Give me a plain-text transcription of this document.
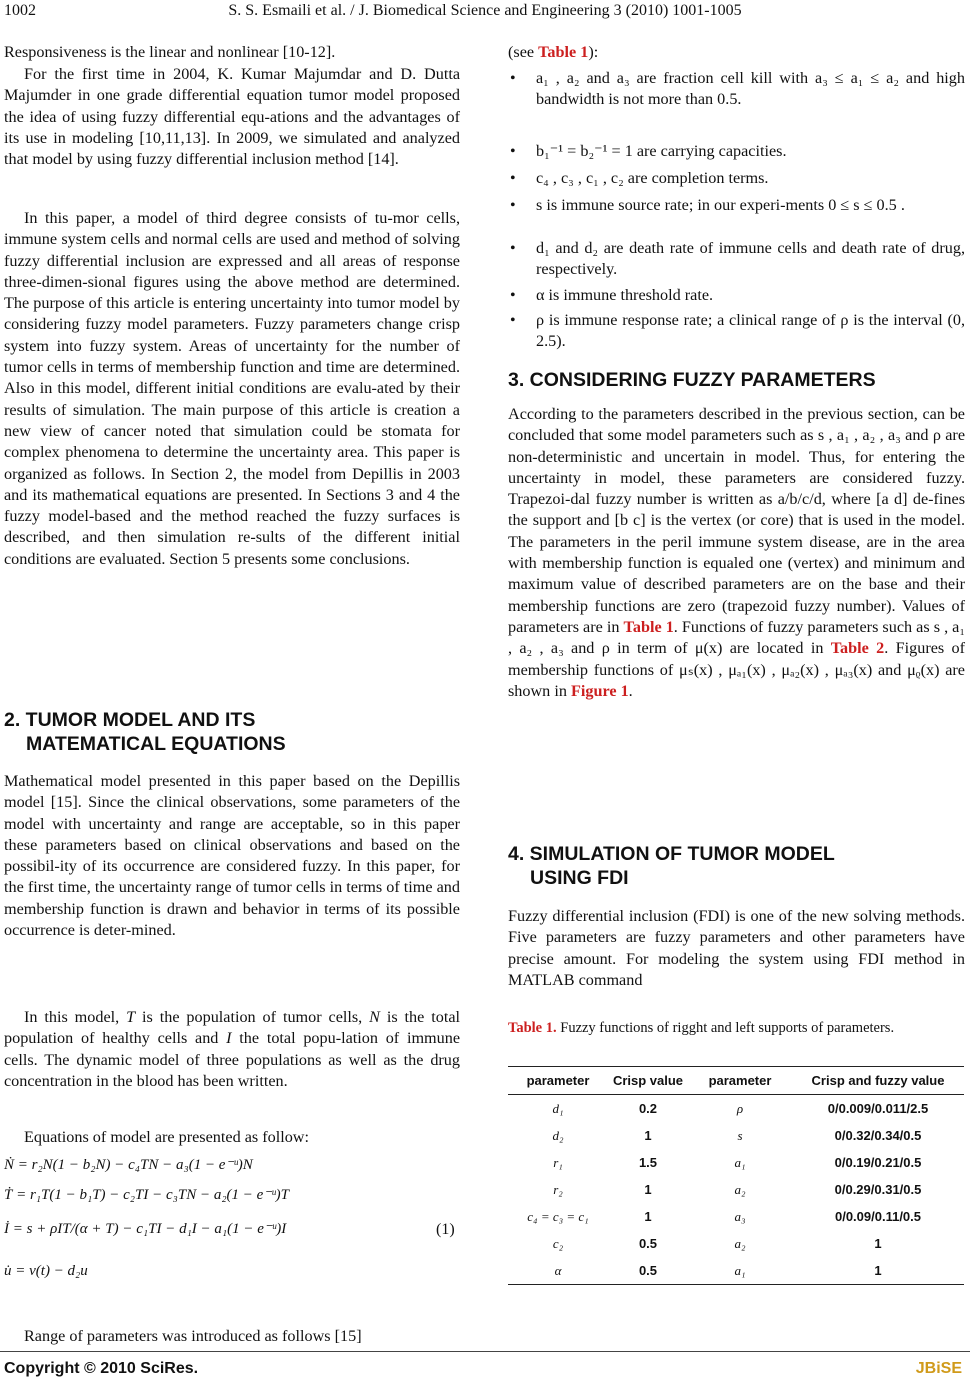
1002	S. S. Esmaili et al. / J. Biomedical Science and Engineering 3 (2010) 1001-1005

Responsiveness is the linear and nonlinear [10-12].

For the first time in 2004, K. Kumar Majumdar and D. Dutta Majumder in one grade differential equation tumor model proposed the idea of using fuzzy differential equ-ations and the advantages of its use in modeling [10,11,13]. In 2009, we simulated and analyzed that model by using fuzzy differential inclusion method [14].

In this paper, a model of third degree consists of tu-mor cells, immune system cells and normal cells are used and method of solving fuzzy differential inclusion are expressed and all areas of response three-dimen-sional figures using the above method are determined. The purpose of this article is entering uncertainty into tumor model by considering fuzzy model parameters. Fuzzy parameters change crisp system into fuzzy system. Areas of uncertainty for the number of tumor cells in terms of membership function and time are determined. Also in this model, different initial conditions are evalu-ated by their results of simulation. The main purpose of this article is creation a new view of cancer noted that simulation could be stomata for complex phenomena to determine the uncertainty area. This paper is organized as follows. In Section 2, the model from Depillis in 2003 and its mathematical equations are presented. In Sections 3 and 4 the fuzzy model-based and the method reached the fuzzy surfaces is described, and then simulation re-sults of the different initial conditions are evaluated. Section 5 presents some conclusions.

2. TUMOR MODEL AND ITS
MATEMATICAL EQUATIONS

Mathematical model presented in this paper based on the Depillis model [15]. Since the clinical observations, some parameters of the model with uncertainty and range are acceptable, so in this paper these parameters based on clinical observations and based on the possibil-ity of its occurrence are considered fuzzy. In this paper, for the first time, the uncertainty range of tumor cells in terms of time and membership function is drawn and behavior in terms of its possible occurrence is deter-mined.

In this model, T is the population of tumor cells, N is the total population of healthy cells and I the total popu-lation of immune cells. The dynamic model of three populations as well as the drug concentration in the blood has been written.

Equations of model are presented as follow:

Ṅ = r₂N(1 − b₂N) − c₄TN − a₃(1 − e⁻ᵘ)N
Ṫ = r₁T(1 − b₁T) − c₂TI − c₃TN − a₂(1 − e⁻ᵘ)T
İ = s + ρIT/(α + T) − c₁TI − d₁I − a₁(1 − e⁻ᵘ)I
u̇ = v(t) − d₂u
(1)

Range of parameters was introduced as follows [15]

(see Table 1):

• a₁ , a₂ and a₃ are fraction cell kill with a₃ ≤ a₁ ≤ a₂ and high bandwidth is not more than 0.5.
• b₁⁻¹ = b₂⁻¹ = 1 are carrying capacities.
• c₄ , c₃ , c₁ , c₂ are completion terms.
• s is immune source rate; in our experi-ments 0 ≤ s ≤ 0.5 .
• d₁ and d₂ are death rate of immune cells and death rate of drug, respectively.
• α is immune threshold rate.
• ρ is immune response rate; a clinical range of ρ is the interval (0, 2.5).
3. CONSIDERING FUZZY PARAMETERS

According to the parameters described in the previous section, can be concluded that some model parameters such as s , a₁ , a₂ , a₃ and ρ are non-deterministic and uncertain in model. Thus, for entering the uncertainty in model, these parameters are considered fuzzy. Trapezoi-dal fuzzy number is written as a/b/c/d, where [a d] de-fines the support and [b c] is the vertex (or core) that is used in the model. The parameters in the peril immune system disease, are in the area with membership function is equaled one (vertex) and minimum and maximum value of described parameters are on the base and their membership functions are zero (trapezoid fuzzy number). Values of parameters are in Table 1. Functions of fuzzy parameters such as s , a₁ , a₂ , a₃ and ρ in term of μ(x) are located in Table 2. Figures of membership functions of μₛ(x) , μₐ₁(x) , μₐ₂(x) , μₐ₃(x) and μᵨ(x) are shown in Figure 1.

4. SIMULATION OF TUMOR MODEL
USING FDI

Fuzzy differential inclusion (FDI) is one of the new solving methods. Five parameters are fuzzy parameters and other parameters have precise amount. For modeling the system using FDI method in MATLAB command

Table 1. Fuzzy functions of rigght and left supports of parameters.

parameter	Crisp value	parameter	Crisp and fuzzy value
d₁	0.2	ρ	0/0.009/0.011/2.5
d₂	1	s	0/0.32/0.34/0.5
r₁	1.5	a₁	0/0.19/0.21/0.5
r₂	1	a₂	0/0.29/0.31/0.5
c₄ = c₃ = c₁	1	a₃	0/0.09/0.11/0.5
c₂	0.5	a₂	1
α	0.5	a₁	1
Copyright © 2010 SciRes.	JBiSE
